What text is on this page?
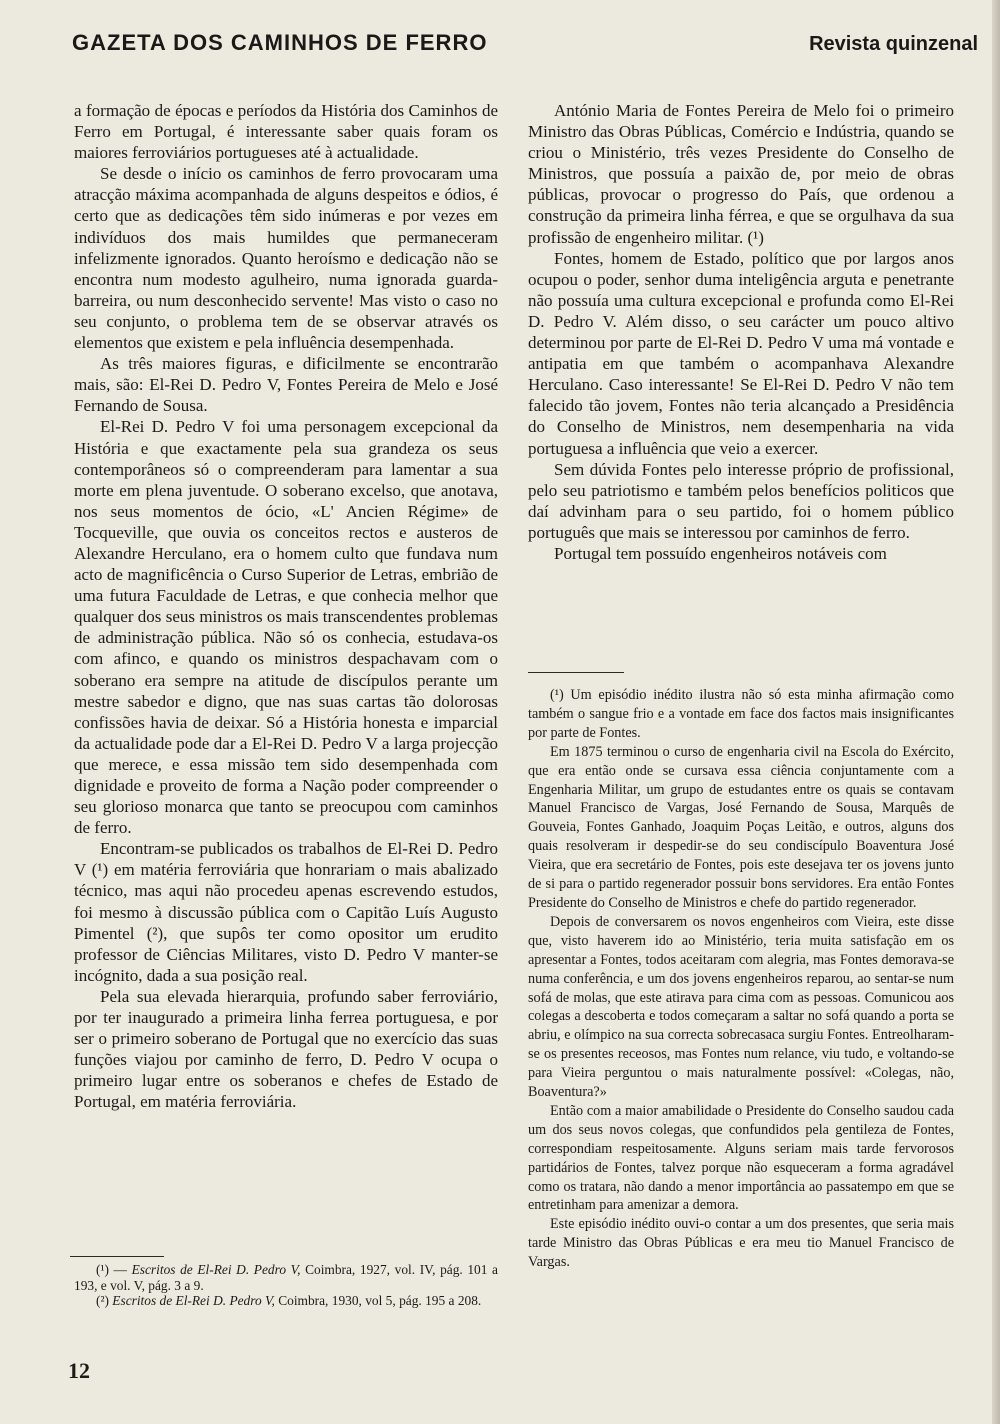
GAZETA DOS CAMINHOS DE FERRO	Revista quinzenal

a formação de épocas e períodos da História dos Caminhos de Ferro em Portugal, é interessante saber quais foram os maiores ferroviários portugueses até à actualidade.

Se desde o início os caminhos de ferro provocaram uma atracção máxima acompanhada de alguns despeitos e ódios, é certo que as dedicações têm sido inúmeras e por vezes em indivíduos dos mais humildes que permaneceram infelizmente ignorados. Quanto heroísmo e dedicação não se encontra num modesto agulheiro, numa ignorada guarda-barreira, ou num desconhecido servente! Mas visto o caso no seu conjunto, o problema tem de se observar através os elementos que existem e pela influência desempenhada.

As três maiores figuras, e dificilmente se encontrarão mais, são: El-Rei D. Pedro V, Fontes Pereira de Melo e José Fernando de Sousa.

El-Rei D. Pedro V foi uma personagem excepcional da História e que exactamente pela sua grandeza os seus contemporâneos só o compreenderam para lamentar a sua morte em plena juventude. O soberano excelso, que anotava, nos seus momentos de ócio, «L' Ancien Régime» de Tocqueville, que ouvia os conceitos rectos e austeros de Alexandre Herculano, era o homem culto que fundava num acto de magnificência o Curso Superior de Letras, embrião de uma futura Faculdade de Letras, e que conhecia melhor que qualquer dos seus ministros os mais transcendentes problemas de administração pública. Não só os conhecia, estudava-os com afinco, e quando os ministros despachavam com o soberano era sempre na atitude de discípulos perante um mestre sabedor e digno, que nas suas cartas tão dolorosas confissões havia de deixar. Só a História honesta e imparcial da actualidade pode dar a El-Rei D. Pedro V a larga projecção que merece, e essa missão tem sido desempenhada com dignidade e proveito de forma a Nação poder compreender o seu glorioso monarca que tanto se preocupou com caminhos de ferro.

Encontram-se publicados os trabalhos de El-Rei D. Pedro V (¹) em matéria ferroviária que honrariam o mais abalizado técnico, mas aqui não procedeu apenas escrevendo estudos, foi mesmo à discussão pública com o Capitão Luís Augusto Pimentel (²), que supôs ter como opositor um erudito professor de Ciências Militares, visto D. Pedro V manter-se incógnito, dada a sua posição real.

Pela sua elevada hierarquia, profundo saber ferroviário, por ter inaugurado a primeira linha ferrea portuguesa, e por ser o primeiro soberano de Portugal que no exercício das suas funções viajou por caminho de ferro, D. Pedro V ocupa o primeiro lugar entre os soberanos e chefes de Estado de Portugal, em matéria ferroviária.

(¹) — Escritos de El-Rei D. Pedro V, Coimbra, 1927, vol. IV, pág. 101 a 193, e vol. V, pág. 3 a 9.

(²) Escritos de El-Rei D. Pedro V, Coimbra, 1930, vol 5, pág. 195 a 208.

António Maria de Fontes Pereira de Melo foi o primeiro Ministro das Obras Públicas, Comércio e Indústria, quando se criou o Ministério, três vezes Presidente do Conselho de Ministros, que possuía a paixão de, por meio de obras públicas, provocar o progresso do País, que ordenou a construção da primeira linha férrea, e que se orgulhava da sua profissão de engenheiro militar. (¹)

Fontes, homem de Estado, político que por largos anos ocupou o poder, senhor duma inteligência arguta e penetrante não possuía uma cultura excepcional e profunda como El-Rei D. Pedro V. Além disso, o seu carácter um pouco altivo determinou por parte de El-Rei D. Pedro V uma má vontade e antipatia em que também o acompanhava Alexandre Herculano. Caso interessante! Se El-Rei D. Pedro V não tem falecido tão jovem, Fontes não teria alcançado a Presidência do Conselho de Ministros, nem desempenharia na vida portuguesa a influência que veio a exercer.

Sem dúvida Fontes pelo interesse próprio de profissional, pelo seu patriotismo e também pelos benefícios politicos que daí advinham para o seu partido, foi o homem público português que mais se interessou por caminhos de ferro.

Portugal tem possuído engenheiros notáveis com

(¹) Um episódio inédito ilustra não só esta minha afirmação como também o sangue frio e a vontade em face dos factos mais insignificantes por parte de Fontes.

Em 1875 terminou o curso de engenharia civil na Escola do Exército, que era então onde se cursava essa ciência conjuntamente com a Engenharia Militar, um grupo de estudantes entre os quais se contavam Manuel Francisco de Vargas, José Fernando de Sousa, Marquês de Gouveia, Fontes Ganhado, Joaquim Poças Leitão, e outros, alguns dos quais resolveram ir despedir-se do seu condiscípulo Boaventura José Vieira, que era secretário de Fontes, pois este desejava ter os jovens junto de si para o partido regenerador possuir bons servidores. Era então Fontes Presidente do Conselho de Ministros e chefe do partido regenerador.

Depois de conversarem os novos engenheiros com Vieira, este disse que, visto haverem ido ao Ministério, teria muita satisfação em os apresentar a Fontes, todos aceitaram com alegria, mas Fontes demorava-se numa conferência, e um dos jovens engenheiros reparou, ao sentar-se num sofá de molas, que este atirava para cima com as pessoas. Comunicou aos colegas a descoberta e todos começaram a saltar no sofá quando a porta se abriu, e olímpico na sua correcta sobrecasaca surgiu Fontes. Entreolharam-se os presentes receosos, mas Fontes num relance, viu tudo, e voltando-se para Vieira perguntou o mais naturalmente possível: «Colegas, não, Boaventura?»

Então com a maior amabilidade o Presidente do Conselho saudou cada um dos seus novos colegas, que confundidos pela gentileza de Fontes, correspondiam respeitosamente. Alguns seriam mais tarde fervorosos partidários de Fontes, talvez porque não esqueceram a forma agradável como os tratara, não dando a menor importância ao passatempo em que se entretinham para amenizar a demora.

Este episódio inédito ouvi-o contar a um dos presentes, que seria mais tarde Ministro das Obras Públicas e era meu tio Manuel Francisco de Vargas.

12
